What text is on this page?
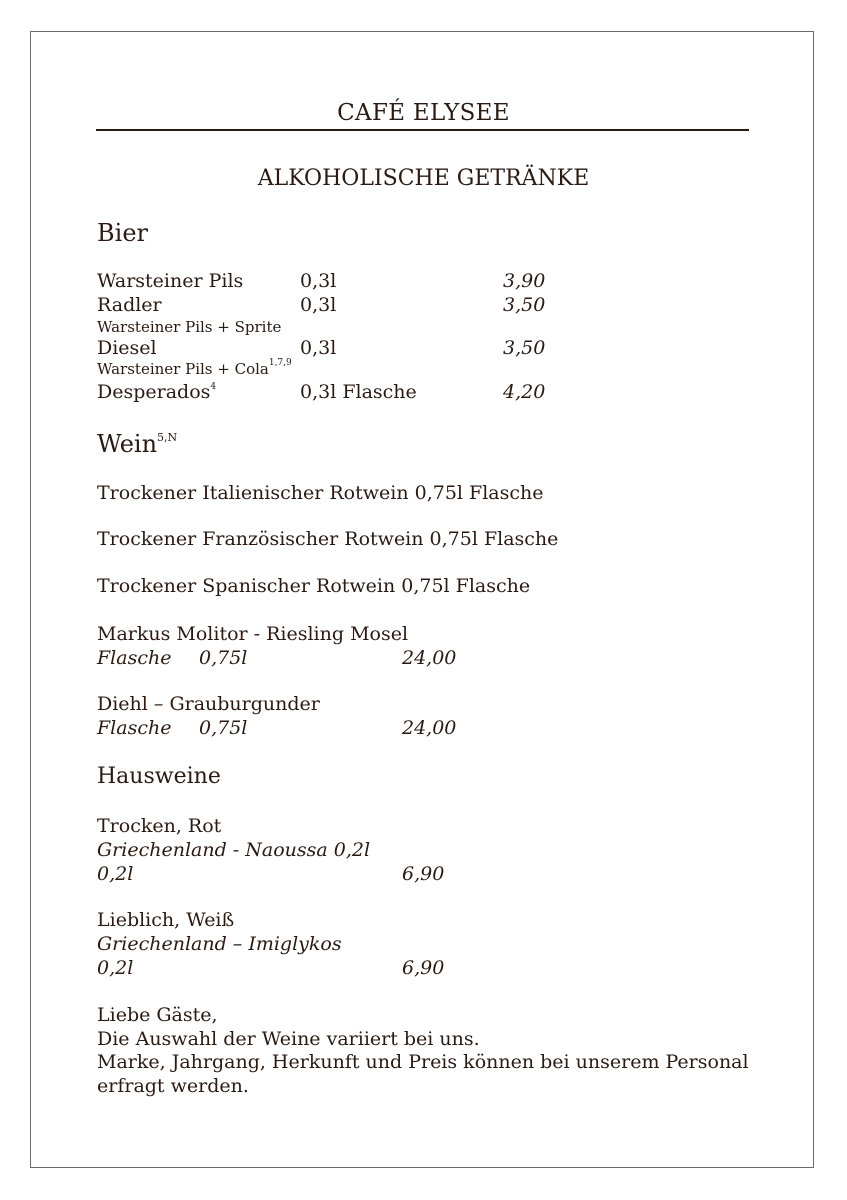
CAFÉ ELYSEE
ALKOHOLISCHE GETRÄNKE
Bier
Warsteiner Pils	0,3l	3,90
Radler	0,3l	3,50
Warsteiner Pils + Sprite
Diesel	0,3l	3,50
Warsteiner Pils + Cola$^{1,7,9}$
Desperados$^4$	0,3l Flasche	4,20
Wein$^{5,N}$
Trockener Italienischer Rotwein 0,75l Flasche
Trockener Französischer Rotwein 0,75l Flasche
Trockener Spanischer Rotwein 0,75l Flasche
Markus Molitor - Riesling Mosel
Flasche 0,75l	24,00
Diehl – Grauburgunder
Flasche 0,75l	24,00
Hausweine
Trocken, Rot
Griechenland - Naoussa 0,2l
0,2l	6,90
Lieblich, Weiß
Griechenland – Imiglykos
0,2l	6,90
Liebe Gäste,
Die Auswahl der Weine variiert bei uns.
Marke, Jahrgang, Herkunft und Preis können bei unserem Personal
erfragt werden.
